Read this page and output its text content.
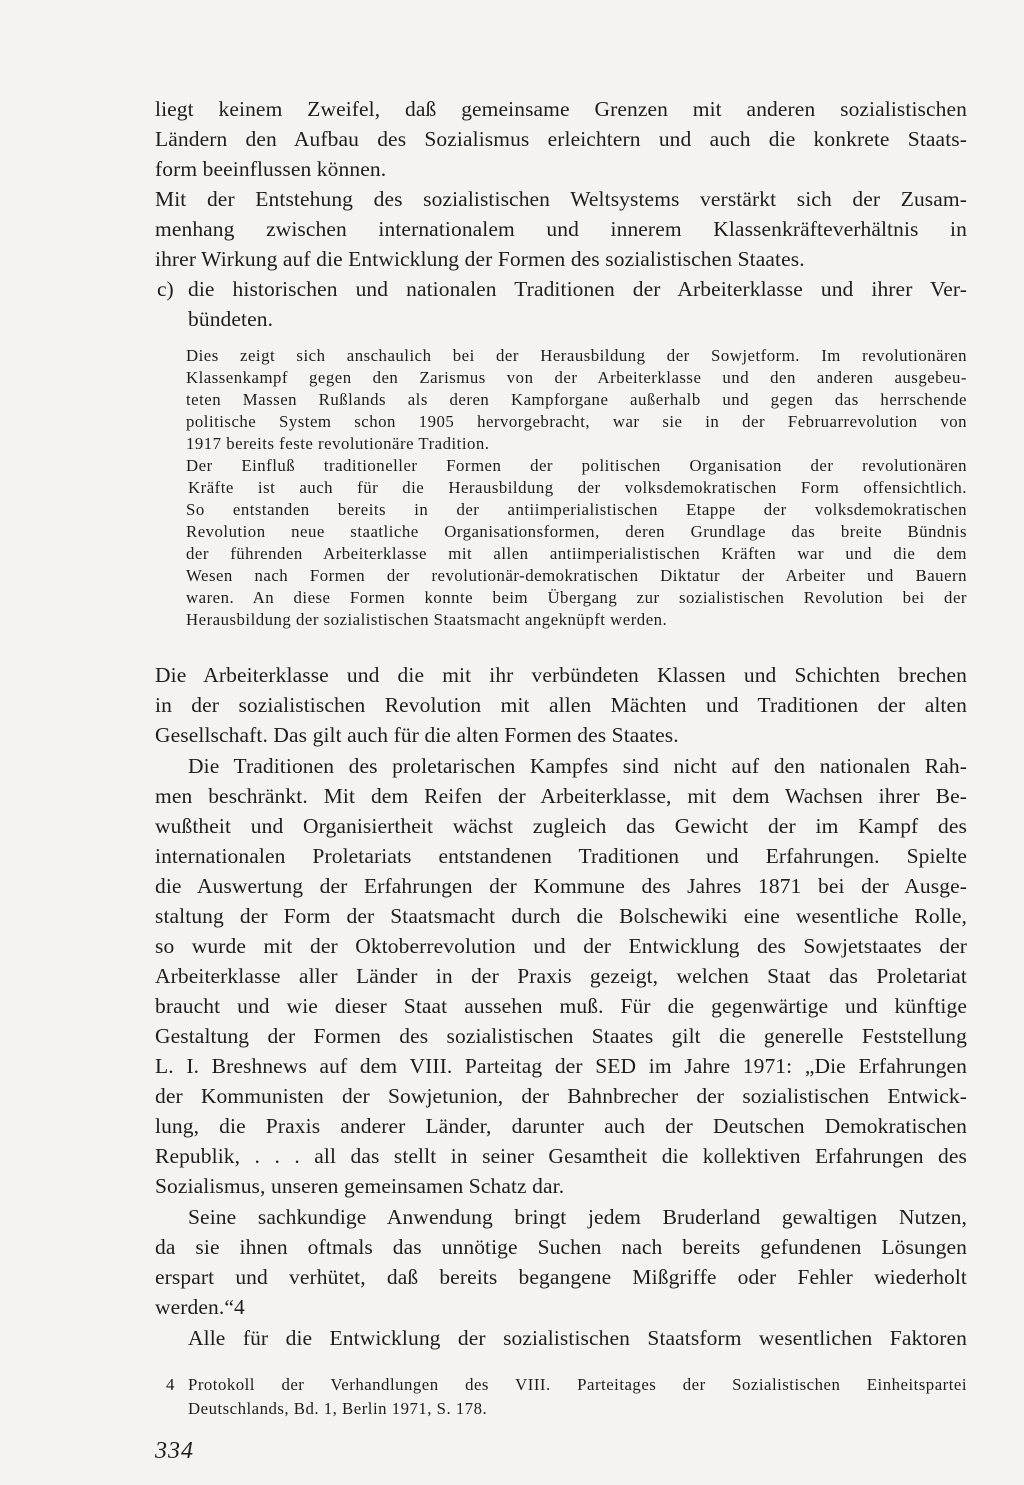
liegt keinem Zweifel, daß gemeinsame Grenzen mit anderen sozialistischen
Ländern den Aufbau des Sozialismus erleichtern und auch die konkrete Staats-
form beeinflussen können.
Mit der Entstehung des sozialistischen Weltsystems verstärkt sich der Zusam-
menhang zwischen internationalem und innerem Klassenkräfteverhältnis in
ihrer Wirkung auf die Entwicklung der Formen des sozialistischen Staates.
c) die historischen und nationalen Traditionen der Arbeiterklasse und ihrer Ver-
bündeten.
Dies zeigt sich anschaulich bei der Herausbildung der Sowjetform. Im revolutionären
Klassenkampf gegen den Zarismus von der Arbeiterklasse und den anderen ausgebeu-
teten Massen Rußlands als deren Kampforgane außerhalb und gegen das herrschende
politische System schon 1905 hervorgebracht, war sie in der Februarrevolution von
1917 bereits feste revolutionäre Tradition.
Der Einfluß traditioneller Formen der politischen Organisation der revolutionären
Kräfte ist auch für die Herausbildung der volksdemokratischen Form offensichtlich.
So entstanden bereits in der antiimperialistischen Etappe der volksdemokratischen
Revolution neue staatliche Organisationsformen, deren Grundlage das breite Bündnis
der führenden Arbeiterklasse mit allen antiimperialistischen Kräften war und die dem
Wesen nach Formen der revolutionär-demokratischen Diktatur der Arbeiter und Bauern
waren. An diese Formen konnte beim Übergang zur sozialistischen Revolution bei der
Herausbildung der sozialistischen Staatsmacht angeknüpft werden.
Die Arbeiterklasse und die mit ihr verbündeten Klassen und Schichten brechen
in der sozialistischen Revolution mit allen Mächten und Traditionen der alten
Gesellschaft. Das gilt auch für die alten Formen des Staates.
Die Traditionen des proletarischen Kampfes sind nicht auf den nationalen Rah-
men beschränkt. Mit dem Reifen der Arbeiterklasse, mit dem Wachsen ihrer Be-
wußtheit und Organisiertheit wächst zugleich das Gewicht der im Kampf des
internationalen Proletariats entstandenen Traditionen und Erfahrungen. Spielte
die Auswertung der Erfahrungen der Kommune des Jahres 1871 bei der Ausge-
staltung der Form der Staatsmacht durch die Bolschewiki eine wesentliche Rolle,
so wurde mit der Oktoberrevolution und der Entwicklung des Sowjetstaates der
Arbeiterklasse aller Länder in der Praxis gezeigt, welchen Staat das Proletariat
braucht und wie dieser Staat aussehen muß. Für die gegenwärtige und künftige
Gestaltung der Formen des sozialistischen Staates gilt die generelle Feststellung
L. I. Breshnews auf dem VIII. Parteitag der SED im Jahre 1971: „Die Erfahrungen
der Kommunisten der Sowjetunion, der Bahnbrecher der sozialistischen Entwick-
lung, die Praxis anderer Länder, darunter auch der Deutschen Demokratischen
Republik, . . . all das stellt in seiner Gesamtheit die kollektiven Erfahrungen des
Sozialismus, unseren gemeinsamen Schatz dar.
Seine sachkundige Anwendung bringt jedem Bruderland gewaltigen Nutzen,
da sie ihnen oftmals das unnötige Suchen nach bereits gefundenen Lösungen
erspart und verhütet, daß bereits begangene Mißgriffe oder Fehler wiederholt
werden.“4
Alle für die Entwicklung der sozialistischen Staatsform wesentlichen Faktoren
4 Protokoll der Verhandlungen des VIII. Parteitages der Sozialistischen Einheitspartei
Deutschlands, Bd. 1, Berlin 1971, S. 178.
334
